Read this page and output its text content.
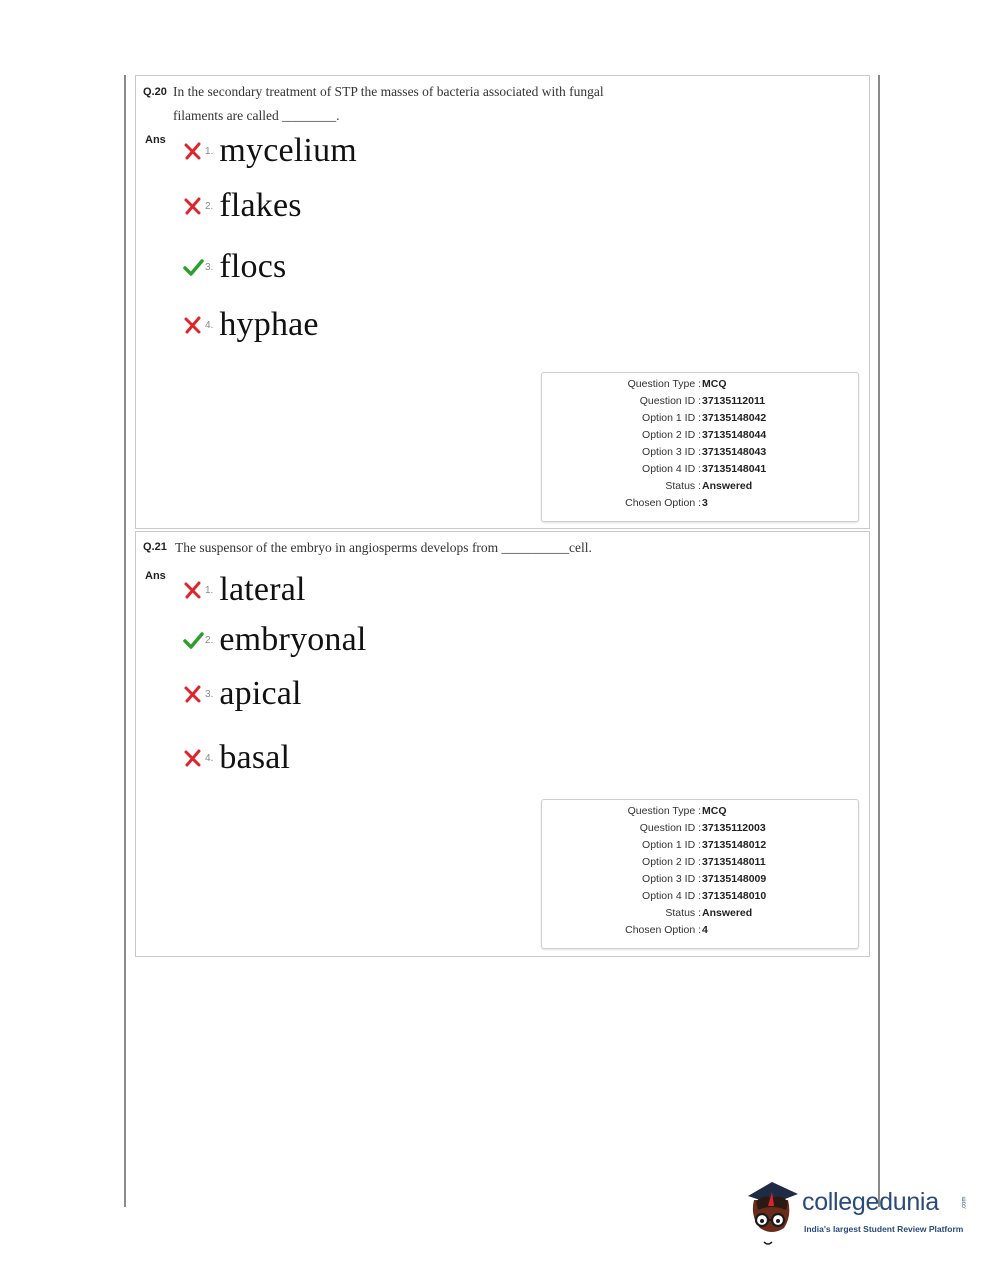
Q.20 In the secondary treatment of STP the masses of bacteria associated with fungal
filaments are called ________.
Ans
1. mycelium
2. flakes
3. flocs
4. hyphae
Question Type : MCQ
Question ID : 37135112011
Option 1 ID : 37135148042
Option 2 ID : 37135148044
Option 3 ID : 37135148043
Option 4 ID : 37135148041
Status : Answered
Chosen Option : 3
Q.21 The suspensor of the embryo in angiosperms develops from __________cell.
Ans
1. lateral
2. embryonal
3. apical
4. basal
Question Type : MCQ
Question ID : 37135112003
Option 1 ID : 37135148012
Option 2 ID : 37135148011
Option 3 ID : 37135148009
Option 4 ID : 37135148010
Status : Answered
Chosen Option : 4
collegedunia	.com
India's largest Student Review Platform
